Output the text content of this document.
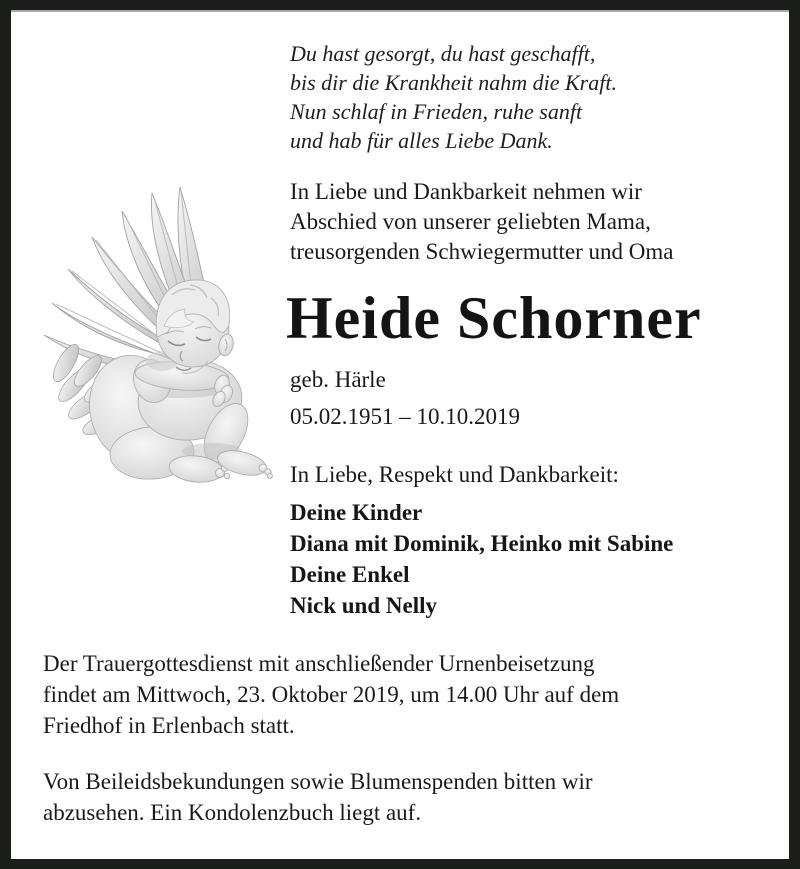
Du hast gesorgt, du hast geschafft,
bis dir die Krankheit nahm die Kraft.
Nun schlaf in Frieden, ruhe sanft
und hab für alles Liebe Dank.
In Liebe und Dankbarkeit nehmen wir
Abschied von unserer geliebten Mama,
treusorgenden Schwiegermutter und Oma
Heide Schorner
geb. Härle
05.02.1951 – 10.10.2019
In Liebe, Respekt und Dankbarkeit:
Deine Kinder
Diana mit Dominik, Heinko mit Sabine
Deine Enkel
Nick und Nelly
Der Trauergottesdienst mit anschließender Urnenbeisetzung
findet am Mittwoch, 23. Oktober 2019, um 14.00 Uhr auf dem
Friedhof in Erlenbach statt.
Von Beileidsbekundungen sowie Blumenspenden bitten wir
abzusehen. Ein Kondolenzbuch liegt auf.
